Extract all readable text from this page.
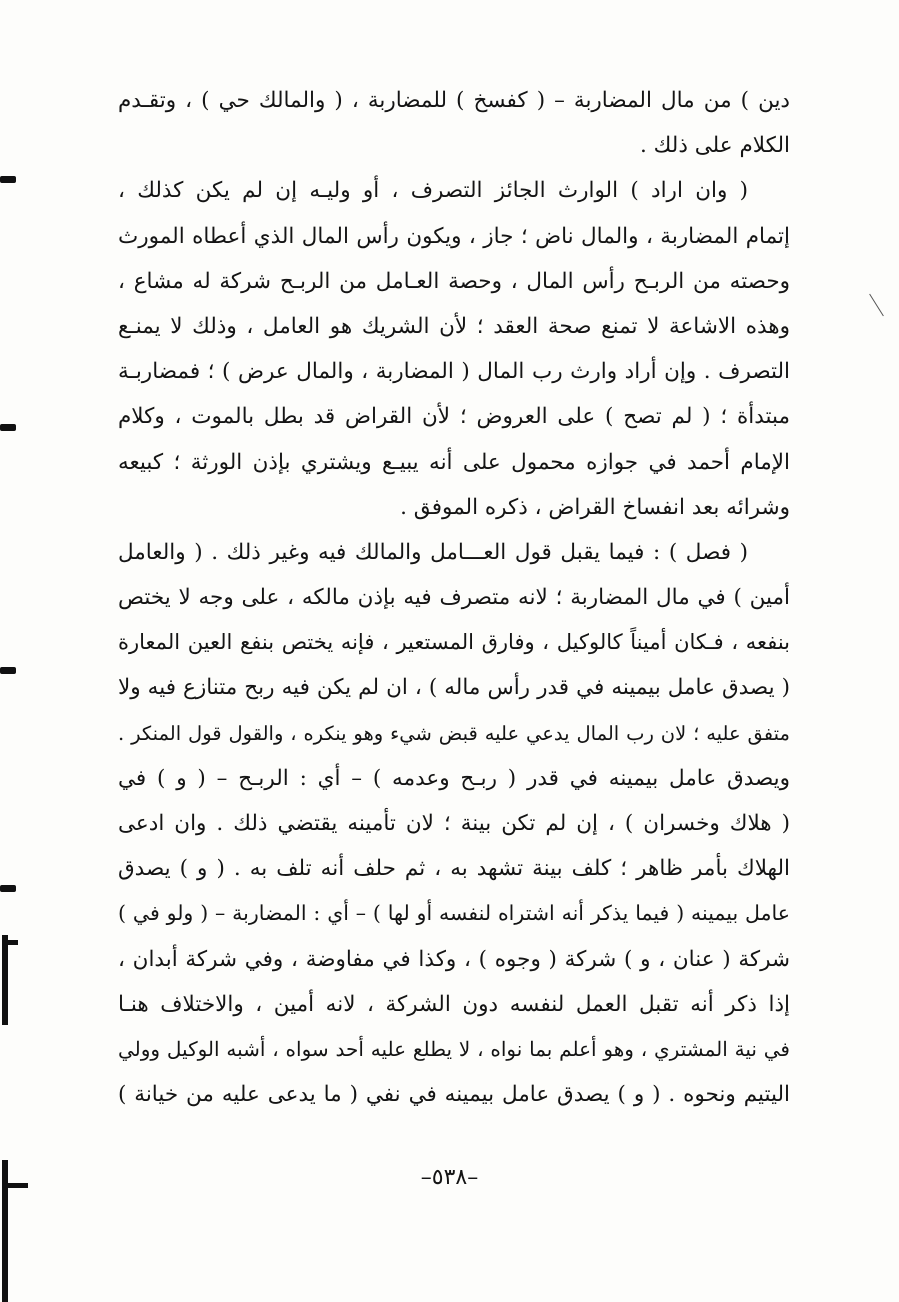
دين ) من مال المضاربة – ( كفسخ ) للمضاربة ، ( والمالك حي ) ، وتقـدم
الكلام على ذلك .
( وان اراد ) الوارث الجائز التصرف ، أو وليـه إن لم يكن كذلك ،
إتمام المضاربة ، والمال ناض ؛ جاز ، ويكون رأس المال الذي أعطاه المورث
وحصته من الربـح رأس المال ، وحصة العـامل من الربـح شركة له مشاع ،
وهذه الاشاعة لا تمنع صحة العقد ؛ لأن الشريك هو العامل ، وذلك لا يمنـع
التصرف . وإن أراد وارث رب المال ( المضاربة ، والمال عرض ) ؛ فمضاربـة
مبتدأة ؛ ( لم تصح ) على العروض ؛ لأن القراض قد بطل بالموت ، وكلام
الإمام أحمد في جوازه محمول على أنه يبيـع ويشتري بإذن الورثة ؛ كبيعه
وشرائه بعد انفساخ القراض ، ذكره الموفق .
( فصل ) : فيما يقبل قول العـــامل والمالك فيه وغير ذلك . ( والعامل
أمين ) في مال المضاربة ؛ لانه متصرف فيه بإذن مالكه ، على وجه لا يختص
بنفعه ، فـكان أميناً كالوكيل ، وفارق المستعير ، فإنه يختص بنفع العين المعارة
( يصدق عامل بيمينه في قدر رأس ماله ) ، ان لم يكن فيه ربح متنازع فيه ولا
متفق عليه ؛ لان رب المال يدعي عليه قبض شيء وهو ينكره ، والقول قول المنكر .
ويصدق عامل بيمينه في قدر ( ربـح وعدمه ) – أي : الربـح – ( و ) في
( هلاك وخسران ) ، إن لم تكن بينة ؛ لان تأمينه يقتضي ذلك . وان ادعى
الهلاك بأمر ظاهر ؛ كلف بينة تشهد به ، ثم حلف أنه تلف به . ( و ) يصدق
عامل بيمينه ( فيما يذكر أنه اشتراه لنفسه أو لها ) – أي : المضاربة – ( ولو في )
شركة ( عنان ، و ) شركة ( وجوه ) ، وكذا في مفاوضة ، وفي شركة أبدان ،
إذا ذكر أنه تقبل العمل لنفسه دون الشركة ، لانه أمين ، والاختلاف هنـا
في نية المشتري ، وهو أعلم بما نواه ، لا يطلع عليه أحد سواه ، أشبه الوكيل وولي
اليتيم ونحوه . ( و ) يصدق عامل بيمينه في نفي ( ما يدعى عليه من خيانة )
–٥٣٨–
